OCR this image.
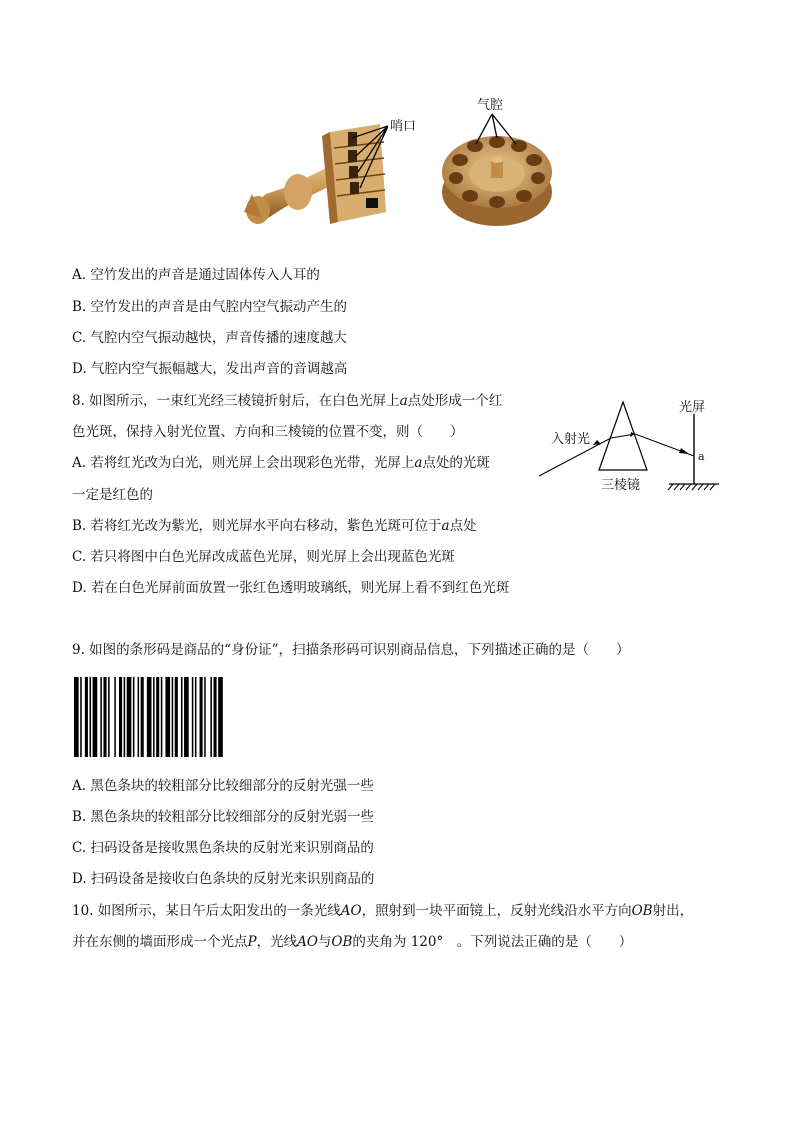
哨口
气腔
A. 空竹发出的声音是通过固体传入人耳的
B. 空竹发出的声音是由气腔内空气振动产生的
C. 气腔内空气振动越快，声音传播的速度越大
D. 气腔内空气振幅越大，发出声音的音调越高
8. 如图所示，一束红光经三棱镜折射后，在白色光屏上a点处形成一个红
色光斑，保持入射光位置、方向和三棱镜的位置不变，则（　　）
A. 若将红光改为白光，则光屏上会出现彩色光带，光屏上a点处的光斑
一定是红色的
B. 若将红光改为紫光，则光屏水平向右移动，紫色光斑可位于a点处
C. 若只将图中白色光屏改成蓝色光屏，则光屏上会出现蓝色光斑
D. 若在白色光屏前面放置一张红色透明玻璃纸，则光屏上看不到红色光斑
光屏
入射光
三棱镜
a
9. 如图的条形码是商品的“身份证”，扫描条形码可识别商品信息，下列描述正确的是（　　）
A. 黑色条块的较粗部分比较细部分的反射光强一些
B. 黑色条块的较粗部分比较细部分的反射光弱一些
C. 扫码设备是接收黑色条块的反射光来识别商品的
D. 扫码设备是接收白色条块的反射光来识别商品的
10. 如图所示，某日午后太阳发出的一条光线AO，照射到一块平面镜上，反射光线沿水平方向OB射出，
并在东侧的墙面形成一个光点P，光线AO与OB的夹角为 120°　。下列说法正确的是（　　）
